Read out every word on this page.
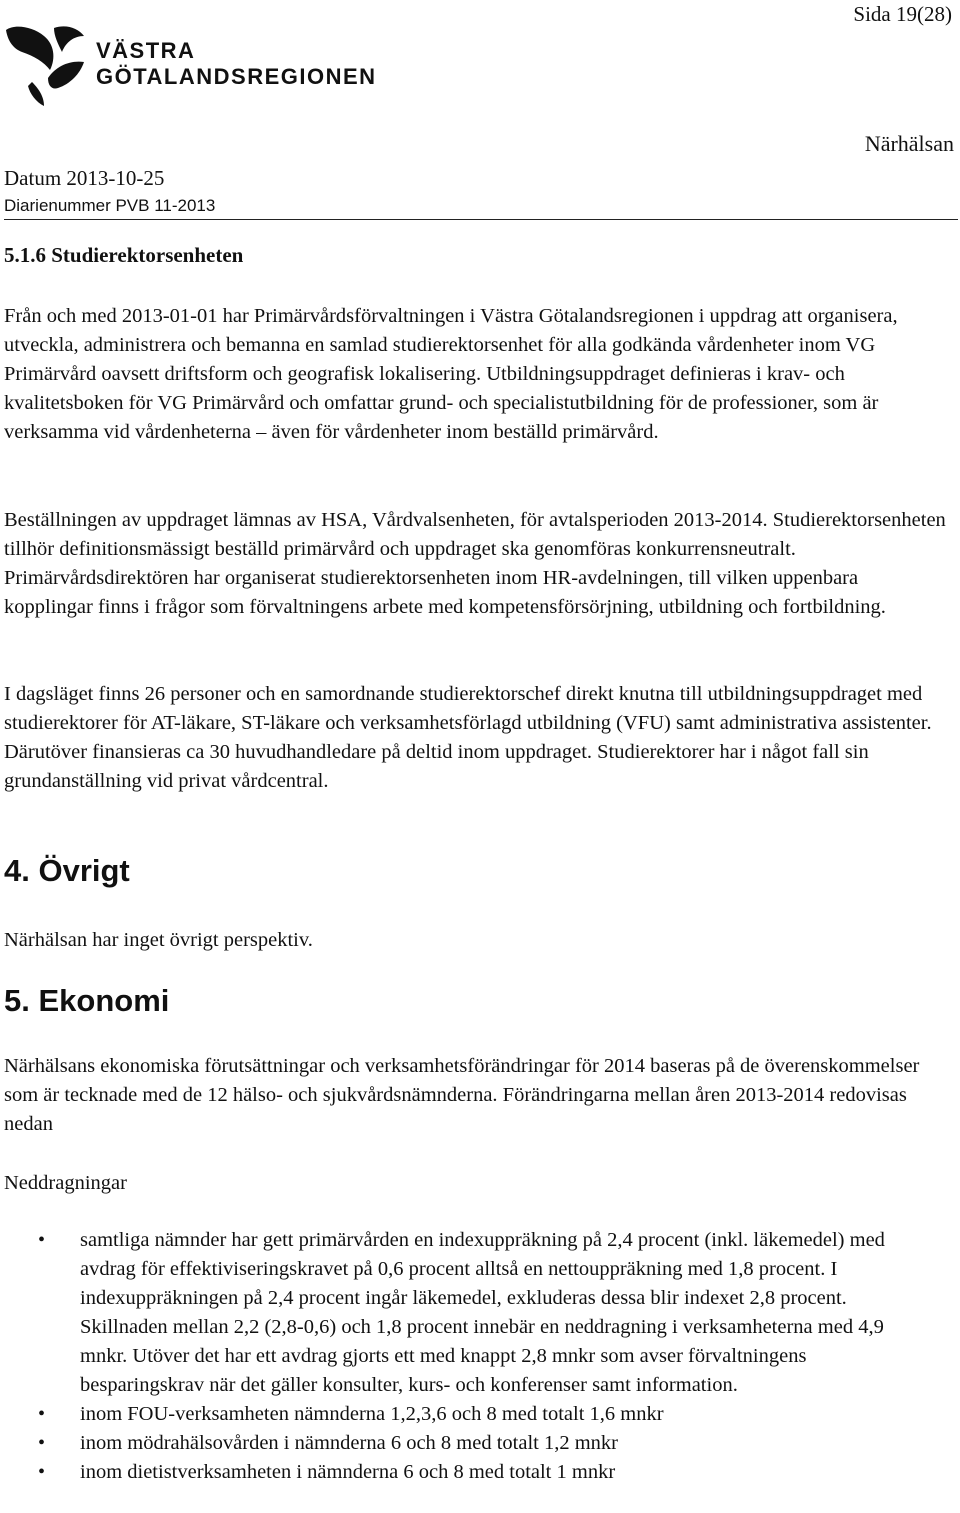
Sida 19(28)
VÄSTRA
GÖTALANDSREGIONEN
Närhälsan
Datum 2013-10-25
Diarienummer PVB 11-2013
5.1.6 Studierektorsenheten

Från och med 2013-01-01 har Primärvårdsförvaltningen i Västra Götalandsregionen i uppdrag att organisera, utveckla, administrera och bemanna en samlad studierektorsenhet för alla godkända vårdenheter inom VG Primärvård oavsett driftsform och geografisk lokalisering. Utbildningsuppdraget definieras i krav- och kvalitetsboken för VG Primärvård och omfattar grund- och specialistutbildning för de professioner, som är verksamma vid vårdenheterna – även för vårdenheter inom beställd primärvård.

Beställningen av uppdraget lämnas av HSA, Vårdvalsenheten, för avtalsperioden 2013-2014. Studierektorsenheten tillhör definitionsmässigt beställd primärvård och uppdraget ska genomföras konkurrensneutralt. Primärvårdsdirektören har organiserat studierektorsenheten inom HR-avdelningen, till vilken uppenbara kopplingar finns i frågor som förvaltningens arbete med kompetensförsörjning, utbildning och fortbildning.

I dagsläget finns 26 personer och en samordnande studierektorschef direkt knutna till utbildningsuppdraget med studierektorer för AT-läkare, ST-läkare och verksamhetsförlagd utbildning (VFU) samt administrativa assistenter. Därutöver finansieras ca 30 huvudhandledare på deltid inom uppdraget. Studierektorer har i något fall sin grundanställning vid privat vårdcentral.

4. Övrigt

Närhälsan har inget övrigt perspektiv.

5. Ekonomi

Närhälsans ekonomiska förutsättningar och verksamhetsförändringar för 2014 baseras på de överenskommelser som är tecknade med de 12 hälso- och sjukvårdsnämnderna. Förändringarna mellan åren 2013-2014 redovisas nedan

Neddragningar

• samtliga nämnder har gett primärvården en indexuppräkning på 2,4 procent (inkl. läkemedel) med avdrag för effektiviseringskravet på 0,6 procent alltså en nettouppräkning med 1,8 procent. I indexuppräkningen på 2,4 procent ingår läkemedel, exkluderas dessa blir indexet 2,8 procent. Skillnaden mellan 2,2 (2,8-0,6) och 1,8 procent innebär en neddragning i verksamheterna med 4,9 mnkr. Utöver det har ett avdrag gjorts ett med knappt 2,8 mnkr som avser förvaltningens besparingskrav när det gäller konsulter, kurs- och konferenser samt information.
• inom FOU-verksamheten nämnderna 1,2,3,6 och 8 med totalt 1,6 mnkr
• inom mödrahälsovården i nämnderna 6 och 8 med totalt 1,2 mnkr
• inom dietistverksamheten i nämnderna 6 och 8 med totalt 1 mnkr
